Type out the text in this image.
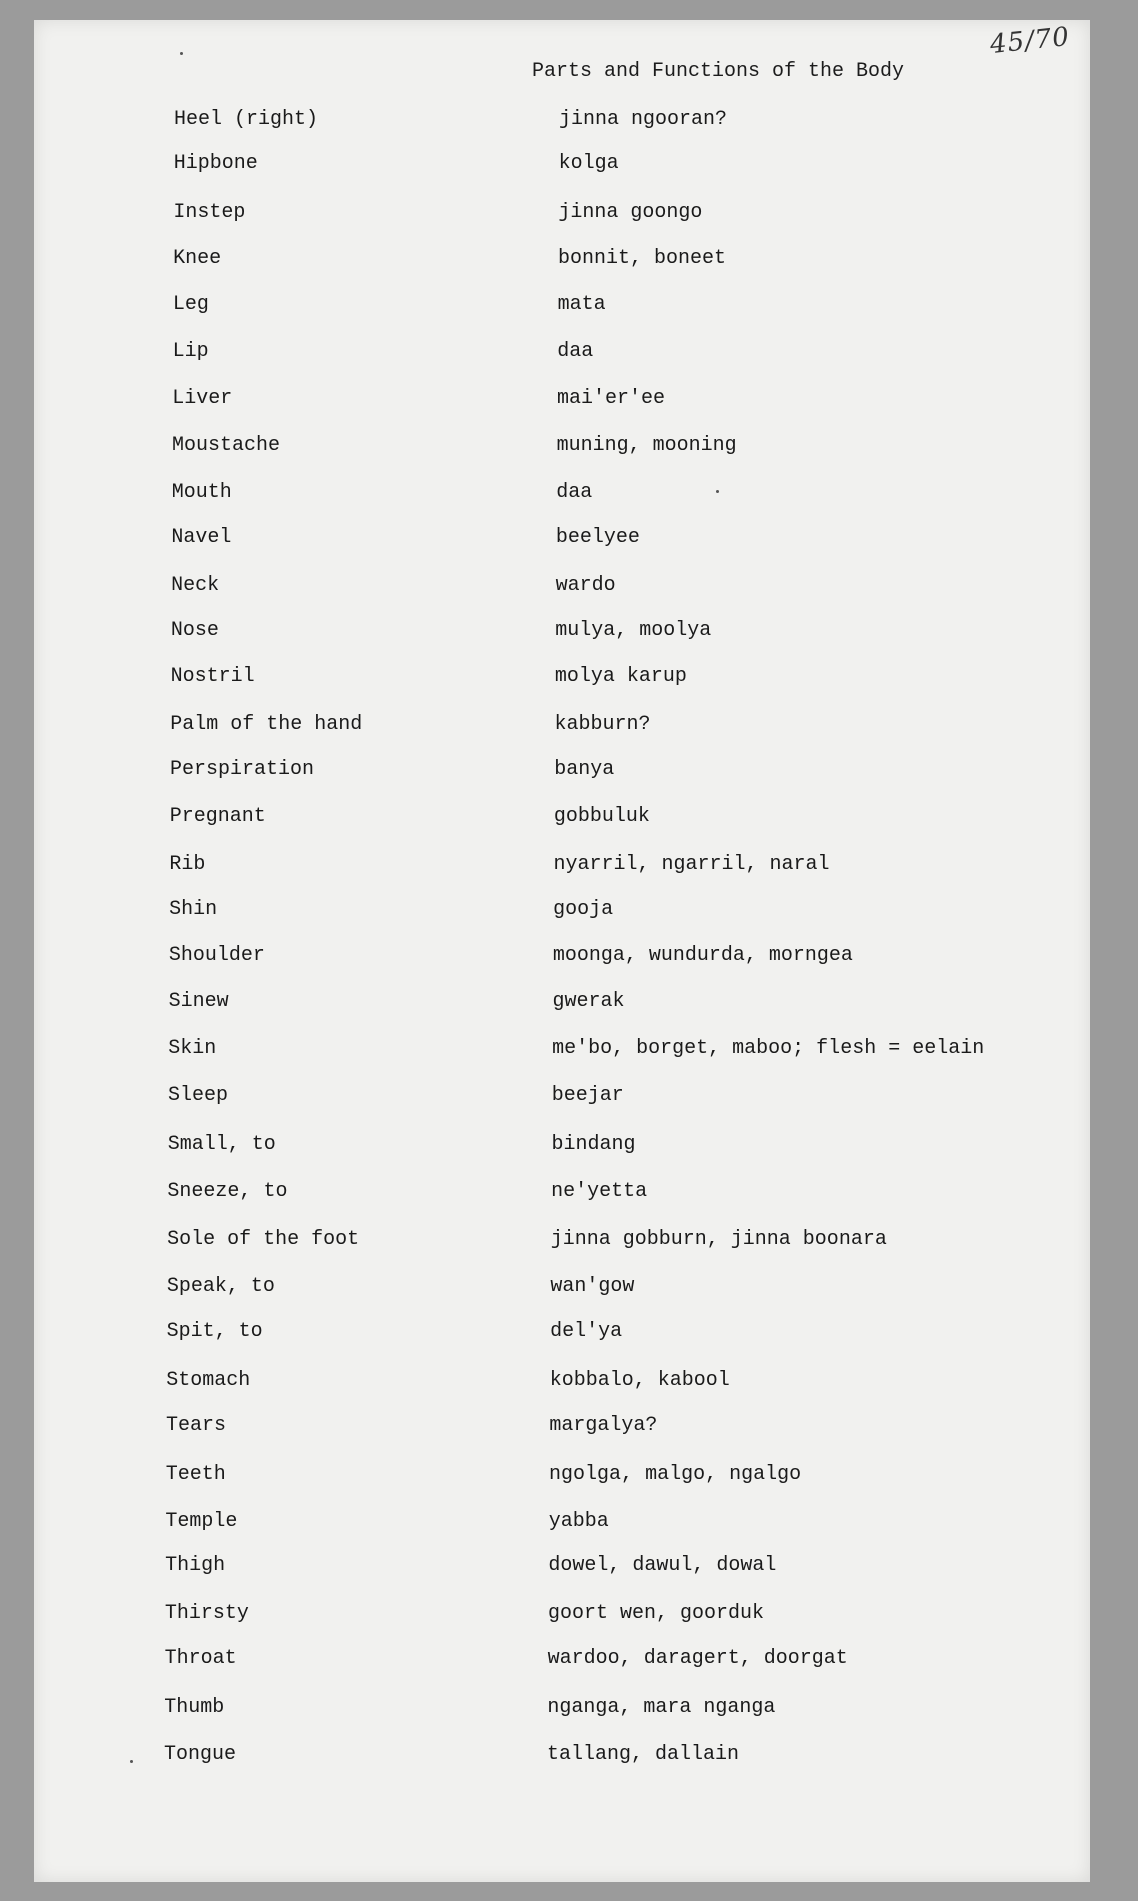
45/70
Parts and Functions of the Body
Heel (right)	jinna ngooran?
Hipbone	kolga
Instep	jinna goongo
Knee	bonnit, boneet
Leg	mata
Lip	daa
Liver	mai'er'ee
Moustache	muning, mooning
Mouth	daa
Navel	beelyee
Neck	wardo
Nose	mulya, moolya
Nostril	molya karup
Palm of the hand	kabburn?
Perspiration	banya
Pregnant	gobbuluk
Rib	nyarril, ngarril, naral
Shin	gooja
Shoulder	moonga, wundurda, morngea
Sinew	gwerak
Skin	me'bo, borget, maboo; flesh = eelain
Sleep	beejar
Small, to	bindang
Sneeze, to	ne'yetta
Sole of the foot	jinna gobburn, jinna boonara
Speak, to	wan'gow
Spit, to	del'ya
Stomach	kobbalo, kabool
Tears	margalya?
Teeth	ngolga, malgo, ngalgo
Temple	yabba
Thigh	dowel, dawul, dowal
Thirsty	goort wen, goorduk
Throat	wardoo, daragert, doorgat
Thumb	nganga, mara nganga
Tongue	tallang, dallain
